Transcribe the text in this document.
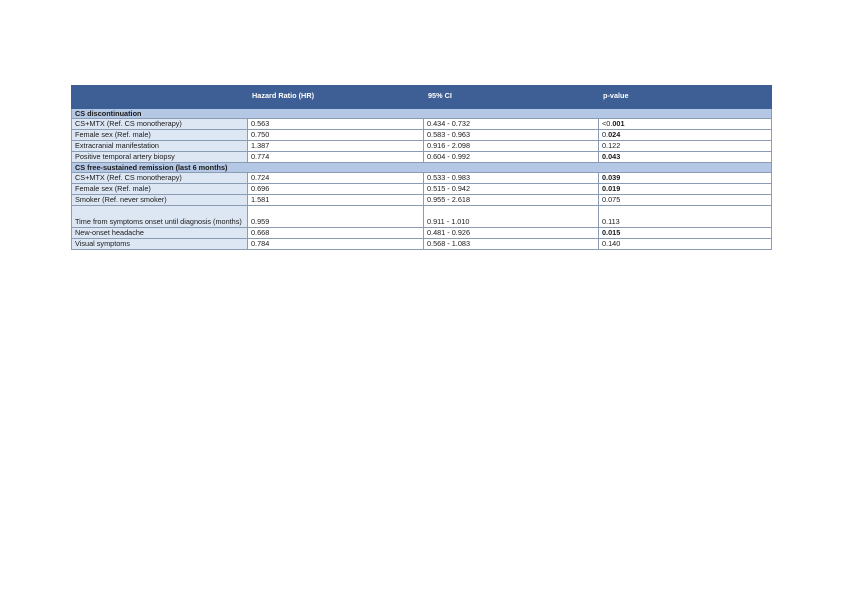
	Hazard Ratio (HR)	95% CI	p-value
CS discontinuation			
CS+MTX (Ref. CS monotherapy)	0.563	0.434 - 0.732	<0.001
Female sex (Ref. male)	0.750	0.583 - 0.963	0.024
Extracranial manifestation	1.387	0.916 - 2.098	0.122
Positive temporal artery biopsy	0.774	0.604 - 0.992	0.043
CS free-sustained remission (last 6 months)			
CS+MTX (Ref. CS monotherapy)	0.724	0.533 - 0.983	0.039
Female sex (Ref. male)	0.696	0.515 - 0.942	0.019
Smoker (Ref. never smoker)	1.581	0.955 - 2.618	0.075
Time from symptoms onset until diagnosis (months)	0.959	0.911 - 1.010	0.113
New-onset headache	0.668	0.481 - 0.926	0.015
Visual symptoms	0.784	0.568 - 1.083	0.140
